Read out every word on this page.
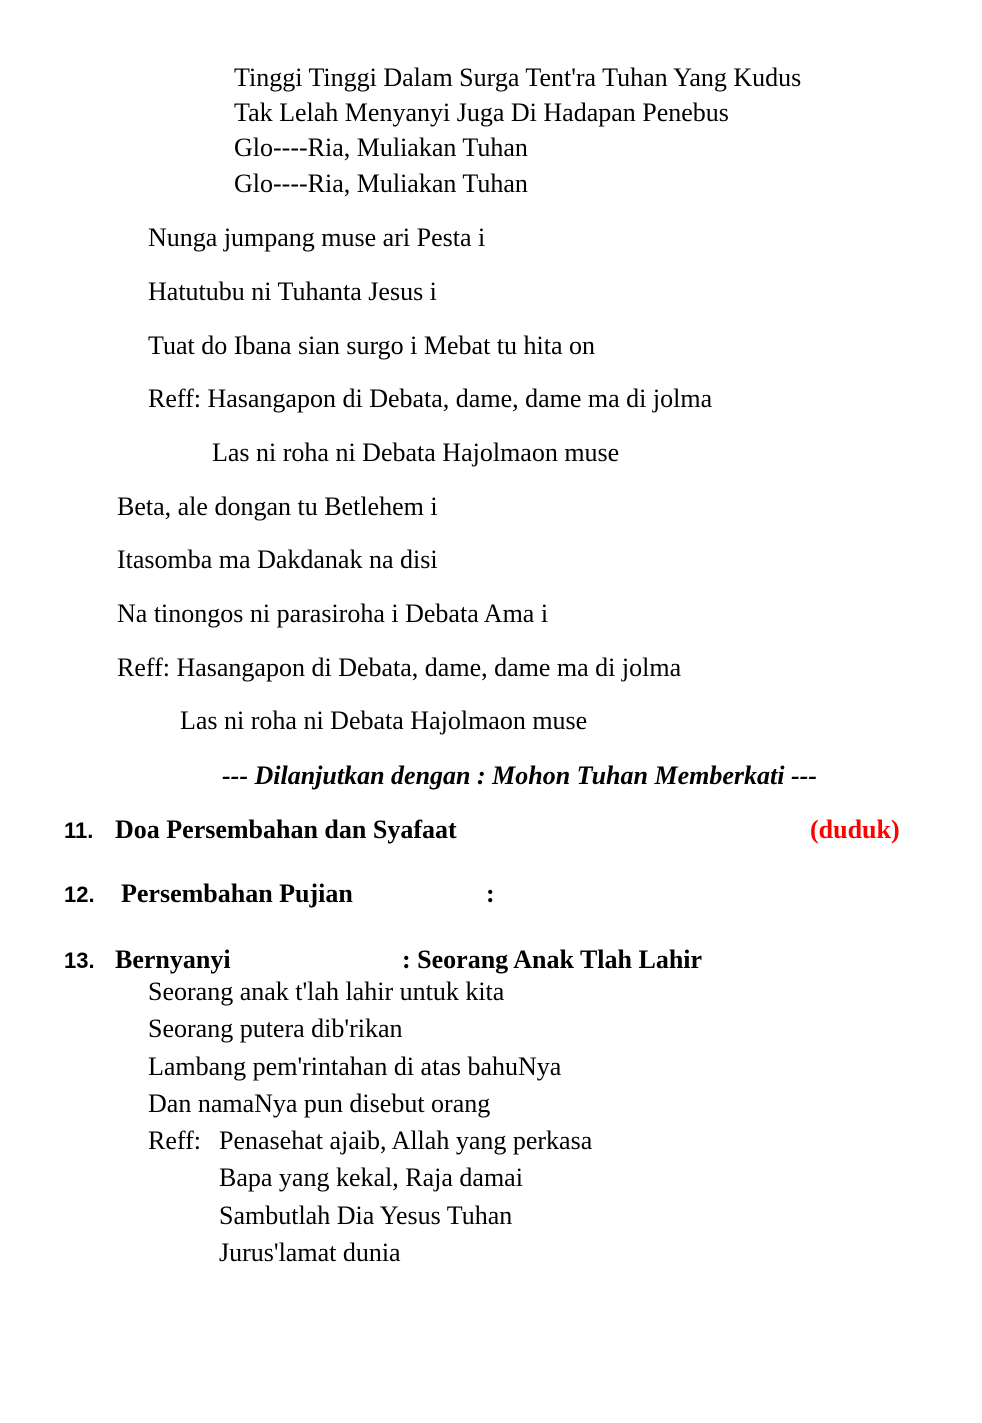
Tinggi Tinggi Dalam Surga Tent'ra Tuhan Yang Kudus
Tak Lelah Menyanyi Juga Di Hadapan Penebus
Glo----Ria, Muliakan Tuhan
Glo----Ria, Muliakan Tuhan
Nunga jumpang muse ari Pesta i
Hatutubu ni Tuhanta Jesus i
Tuat do Ibana sian surgo i Mebat tu hita on
Reff: Hasangapon di Debata, dame, dame ma di jolma
Las ni roha ni Debata Hajolmaon muse
Beta, ale dongan tu Betlehem i
Itasomba ma Dakdanak na disi
Na tinongos ni parasiroha i Debata Ama i
Reff: Hasangapon di Debata, dame, dame ma di jolma
Las ni roha ni Debata Hajolmaon muse
--- Dilanjutkan dengan : Mohon Tuhan Memberkati ---
11. Doa Persembahan dan Syafaat	(duduk)
12. Persembahan Pujian	:
13. Bernyanyi	: Seorang Anak Tlah Lahir
Seorang anak t'lah lahir untuk kita
Seorang putera dib'rikan
Lambang pem'rintahan di atas bahuNya
Dan namaNya pun disebut orang
Reff: Penasehat ajaib, Allah yang perkasa
Bapa yang kekal, Raja damai
Sambutlah Dia Yesus Tuhan
Jurus'lamat dunia
